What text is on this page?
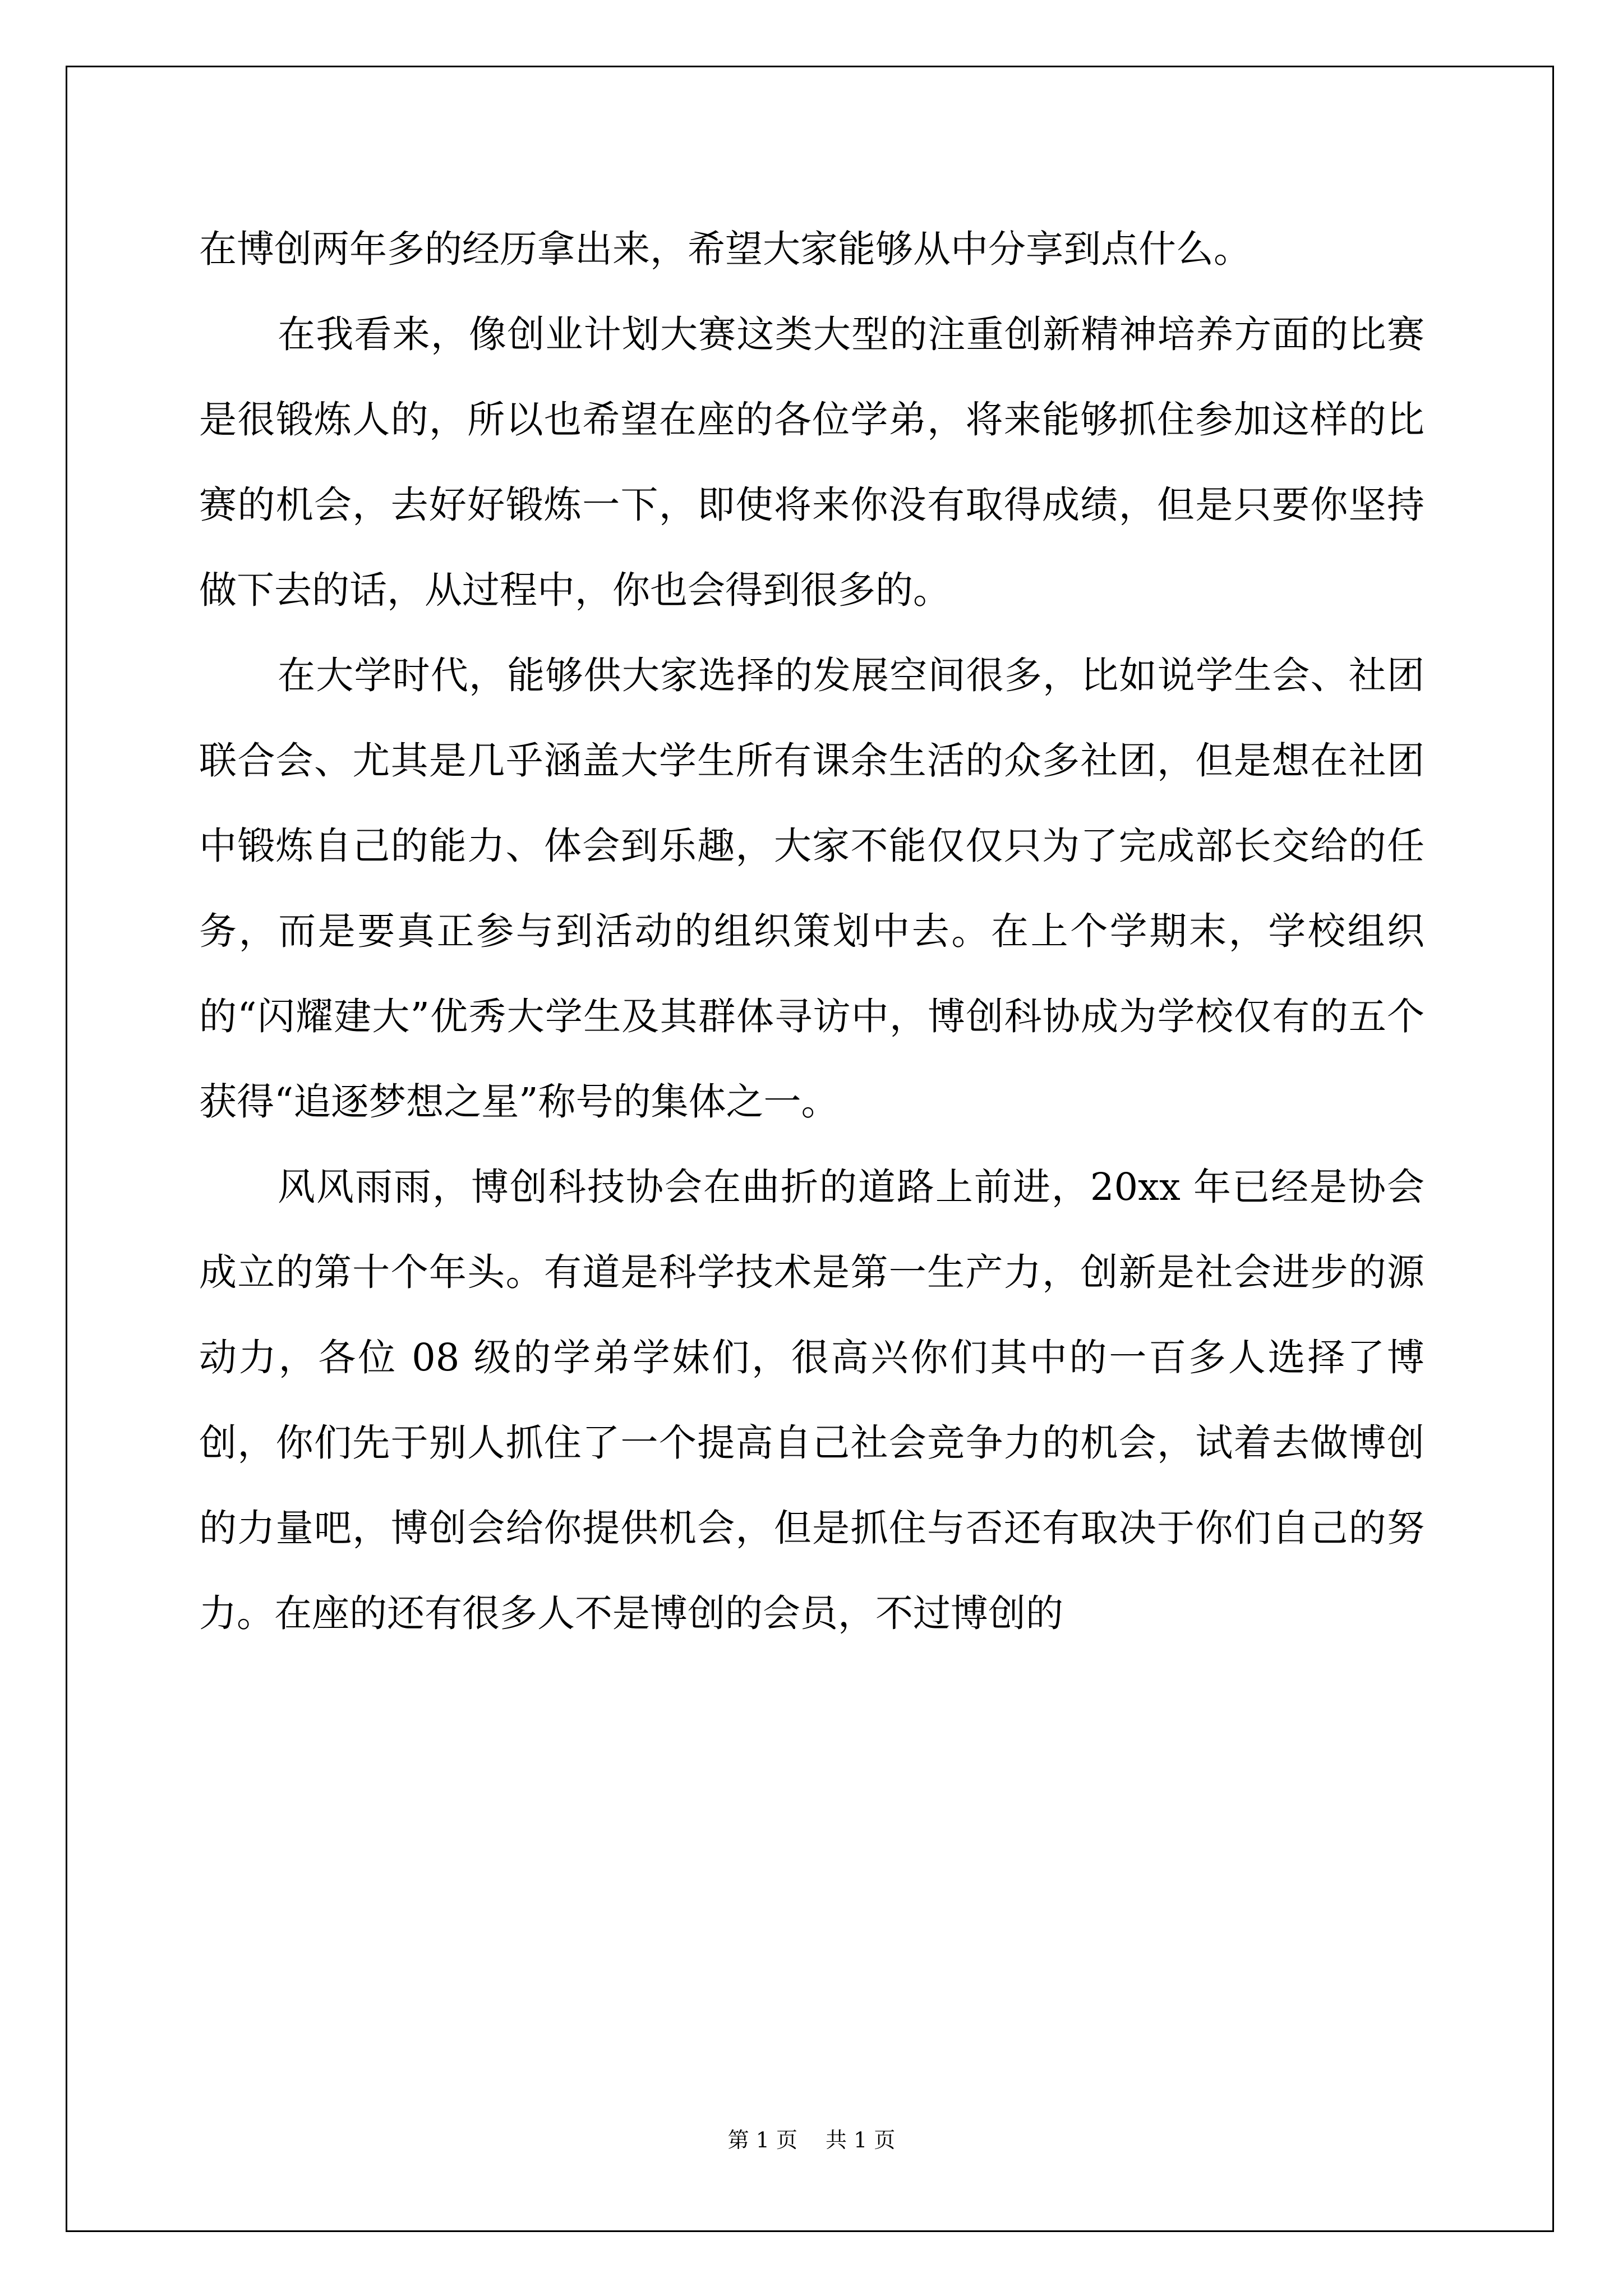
在博创两年多的经历拿出来，希望大家能够从中分享到点什么。

在我看来，像创业计划大赛这类大型的注重创新精神培养方面的比赛是很锻炼人的，所以也希望在座的各位学弟，将来能够抓住参加这样的比赛的机会，去好好锻炼一下，即使将来你没有取得成绩，但是只要你坚持做下去的话，从过程中，你也会得到很多的。

在大学时代，能够供大家选择的发展空间很多，比如说学生会、社团联合会、尤其是几乎涵盖大学生所有课余生活的众多社团，但是想在社团中锻炼自己的能力、体会到乐趣，大家不能仅仅只为了完成部长交给的任务，而是要真正参与到活动的组织策划中去。在上个学期末，学校组织的“闪耀建大”优秀大学生及其群体寻访中，博创科协成为学校仅有的五个获得“追逐梦想之星”称号的集体之一。

风风雨雨，博创科技协会在曲折的道路上前进，20xx 年已经是协会成立的第十个年头。有道是科学技术是第一生产力，创新是社会进步的源动力，各位 08 级的学弟学妹们，很高兴你们其中的一百多人选择了博创，你们先于别人抓住了一个提高自己社会竞争力的机会，试着去做博创的力量吧，博创会给你提供机会，但是抓住与否还有取决于你们自己的努力。在座的还有很多人不是博创的会员，不过博创的

第 1 页 共 1 页
